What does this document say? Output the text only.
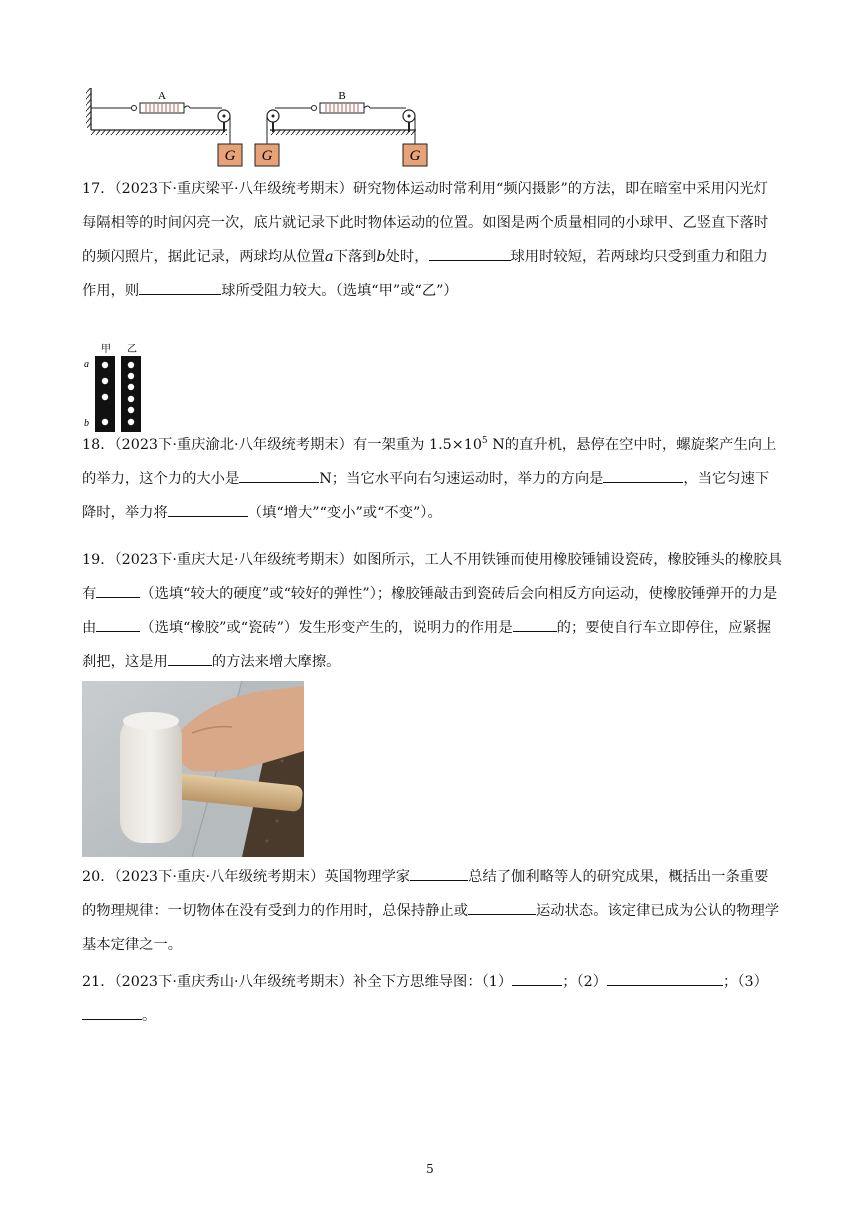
A
G
B
G	G

17．（2023下·重庆梁平·八年级统考期末）研究物体运动时常利用“频闪摄影”的方法，即在暗室中采用闪光灯每隔相等的时间闪亮一次，底片就记录下此时物体运动的位置。如图是两个质量相同的小球甲、乙竖直下落时的频闪照片，据此记录，两球均从位置a下落到b处时，	球用时较短，若两球均只受到重力和阻力作用，则	球所受阻力较大。（选填“甲”或“乙”）

甲 乙
a
b

18．（2023下·重庆渝北·八年级统考期末）有一架重为 $1.5\times 10^5$ N的直升机，悬停在空中时，螺旋桨产生向上的举力，这个力的大小是	N；当它水平向右匀速运动时，举力的方向是	，当它匀速下降时，举力将	（填“增大”“变小”或“不变”）。

19．（2023下·重庆大足·八年级统考期末）如图所示，工人不用铁锤而使用橡胶锤铺设瓷砖，橡胶锤头的橡胶具有	（选填“较大的硬度”或“较好的弹性”）；橡胶锤敲击到瓷砖后会向相反方向运动，使橡胶锤弹开的力是由	（选填“橡胶”或“瓷砖”）发生形变产生的，说明力的作用是	的；要使自行车立即停住，应紧握刹把，这是用	的方法来增大摩擦。

20．（2023下·重庆·八年级统考期末）英国物理学家	总结了伽利略等人的研究成果，概括出一条重要的物理规律：一切物体在没有受到力的作用时，总保持静止或	运动状态。该定律已成为公认的物理学基本定律之一。

21．（2023下·重庆秀山·八年级统考期末）补全下方思维导图：（1）	；（2）	；（3）。

5
